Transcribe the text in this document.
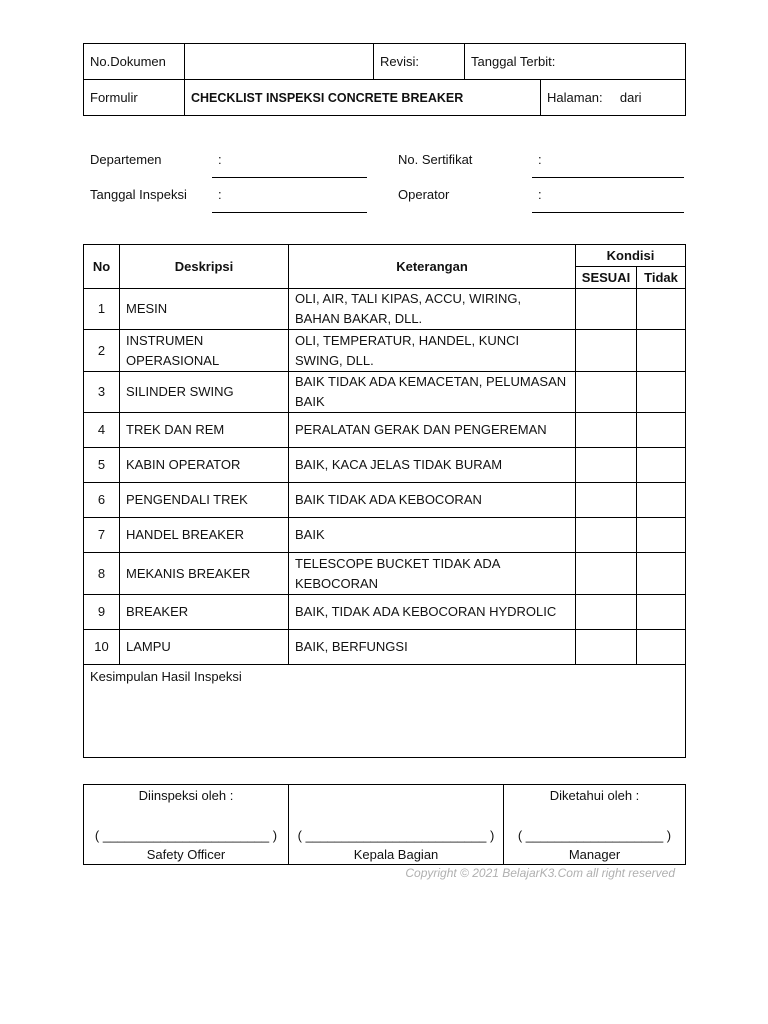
No.Dokumen		Revisi:	Tanggal Terbit:	
Formulir	CHECKLIST INSPEKSI CONCRETE BREAKER			Halaman: dari
Departemen	:
Tanggal Inspeksi :
No. Sertifikat	:
Operator	:
No	Deskripsi	Keterangan	Kondisi	
			SESUAI	Tidak
1	MESIN	OLI, AIR, TALI KIPAS, ACCU, WIRING, BAHAN BAKAR, DLL.		
2	INSTRUMEN OPERASIONAL	OLI, TEMPERATUR, HANDEL, KUNCI SWING, DLL.		
3	SILINDER SWING	BAIK TIDAK ADA KEMACETAN, PELUMASAN BAIK		
4	TREK DAN REM	PERALATAN GERAK DAN PENGEREMAN		
5	KABIN OPERATOR	BAIK, KACA JELAS TIDAK BURAM		
6	PENGENDALI TREK	BAIK TIDAK ADA KEBOCORAN		
7	HANDEL BREAKER	BAIK		
8	MEKANIS BREAKER	TELESCOPE BUCKET TIDAK ADA KEBOCORAN		
9	BREAKER	BAIK, TIDAK ADA KEBOCORAN HYDROLIC		
10	LAMPU	BAIK, BERFUNGSI		
Kesimpulan Hasil Inspeksi				
Diinspeksi oleh :
( _______________________ )
Safety Officer

( _________________________ )
Kepala Bagian

Diketahui oleh :
( ___________________ )
Manager
Copyright © 2021 BelajarK3.Com all right reserved
